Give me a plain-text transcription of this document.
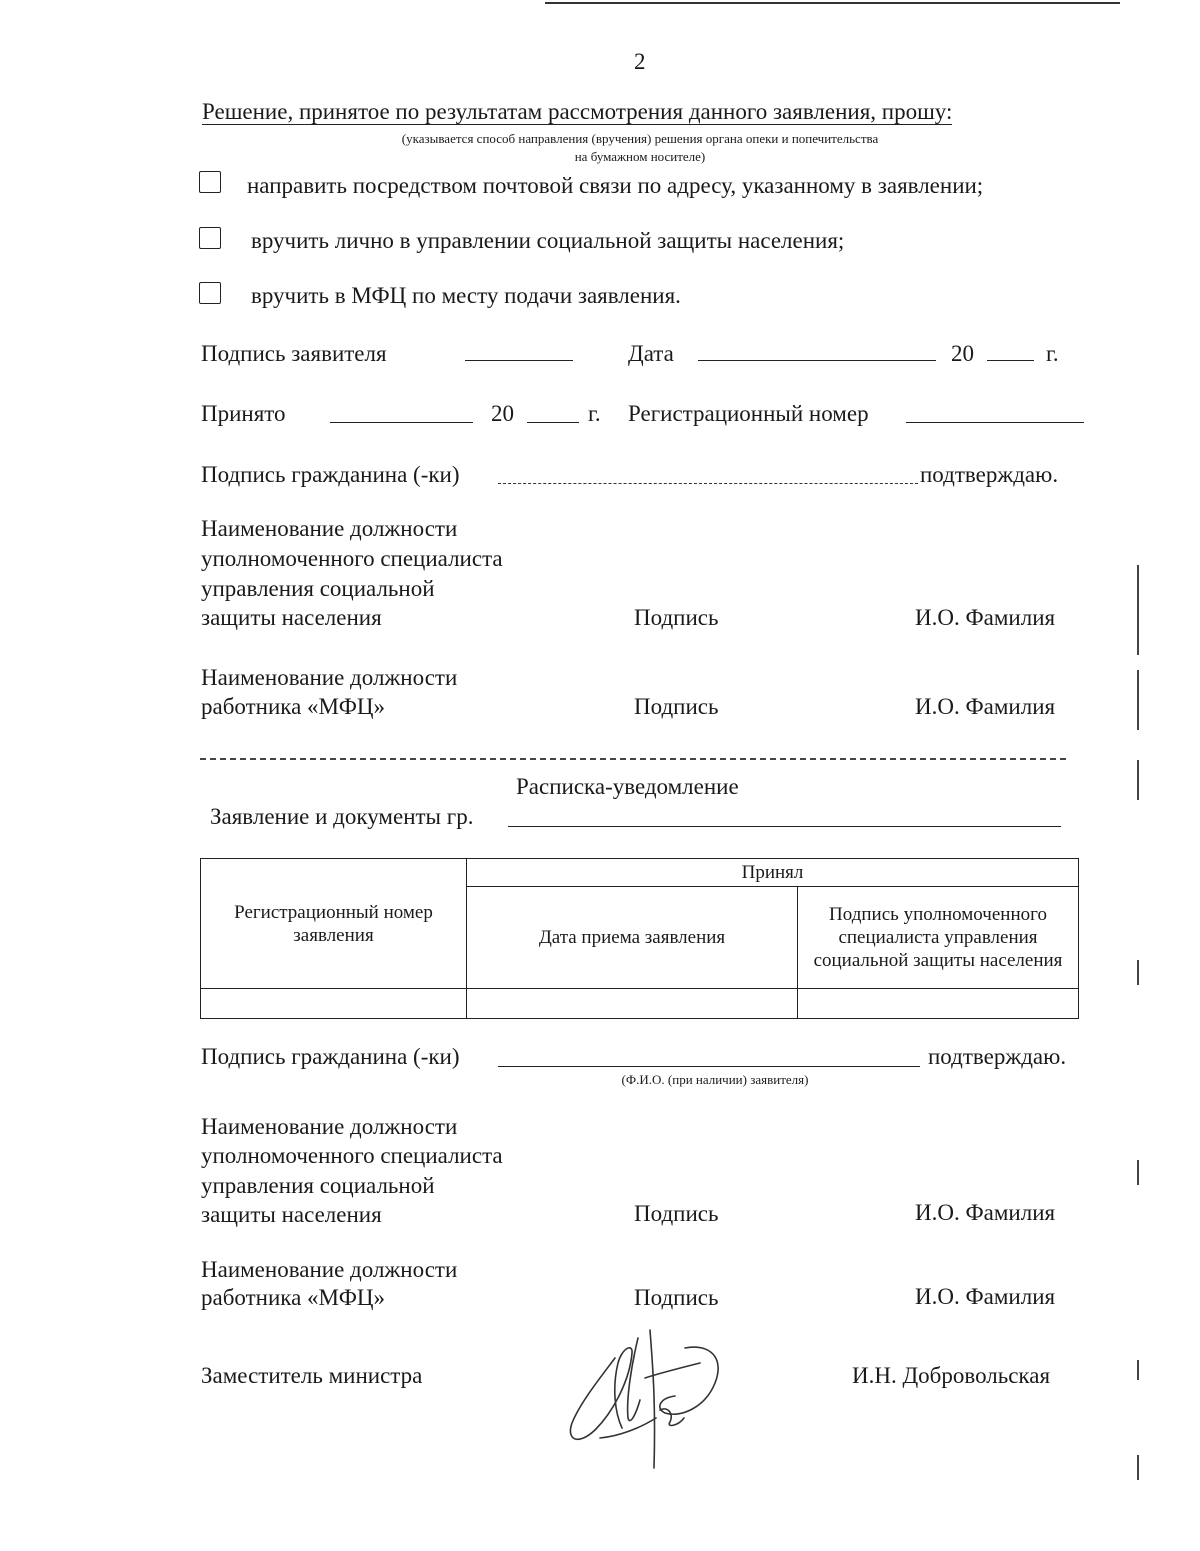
2
Решение, принятое по результатам рассмотрения данного заявления, прошу:
(указывается способ направления (вручения) решения органа опеки и попечительства
на бумажном носителе)
направить посредством почтовой связи по адресу, указанному в заявлении;
вручить лично в управлении социальной защиты населения;
вручить в МФЦ по месту подачи заявления.
Подпись заявителя	Дата	20	г.
Принято	20	г. Регистрационный номер
Подпись гражданина (-ки)	подтверждаю.
Наименование должности
уполномоченного специалиста
управления социальной
защиты населения	Подпись	И.О. Фамилия
Наименование должности
работника «МФЦ»	Подпись	И.О. Фамилия
Расписка-уведомление
Заявление и документы гр.
Регистрационный номер заявления	Принял	
	Дата приема заявления	Подпись уполномоченного специалиста управления социальной защиты населения

Подпись гражданина (-ки)	подтверждаю.
(Ф.И.О. (при наличии) заявителя)
Наименование должности
уполномоченного специалиста
управления социальной
защиты населения	Подпись	И.О. Фамилия
Наименование должности
работника «МФЦ»	Подпись	И.О. Фамилия
Заместитель министра	И.Н. Добровольская
